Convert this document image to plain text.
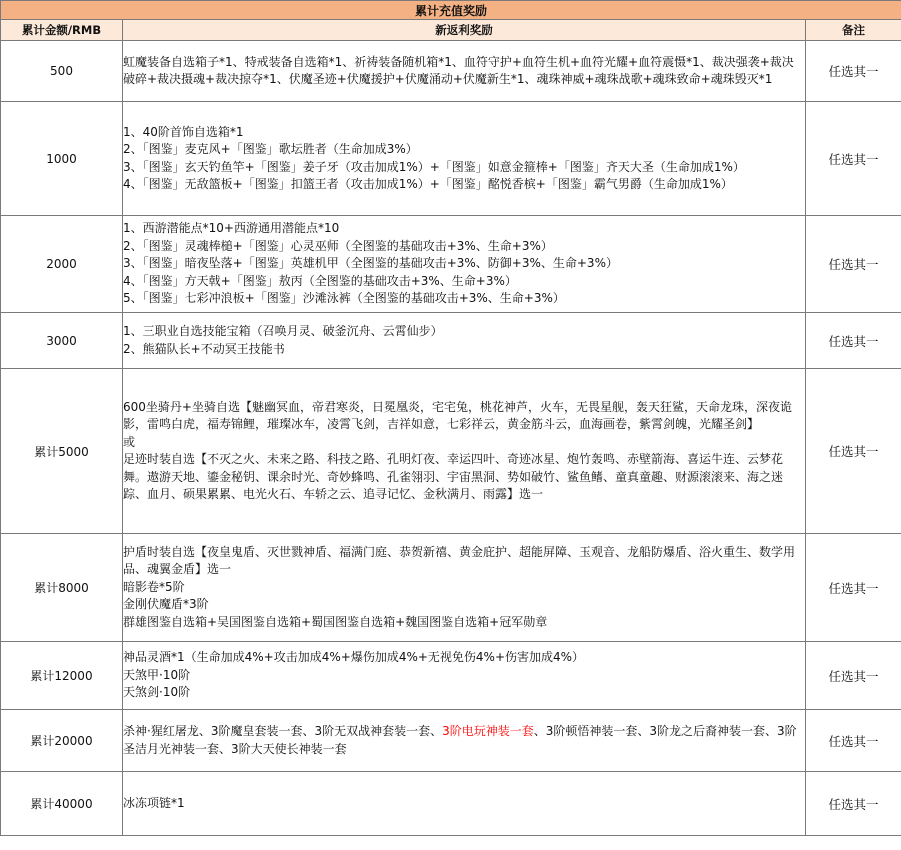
累计充值奖励		
累计金额/RMB	新返利奖励	备注
500	虹魔装备自选箱子*1、特戒装备自选箱*1、祈祷装备随机箱*1、血符守护+血符生机+血符光耀+血符震慑*1、裁决强袭+裁决破碎+裁决摄魂+裁决掠夺*1、伏魔圣迹+伏魔援护+伏魔涌动+伏魔新生*1、魂珠神威+魂珠战歌+魂珠致命+魂珠毁灭*1	任选其一
1000	1、40阶首饰自选箱*1
2、「图鉴」麦克风+「图鉴」歌坛胜者（生命加成3%）
3、「图鉴」玄天钓鱼竿+「图鉴」姜子牙（攻击加成1%）+「图鉴」如意金箍棒+「图鉴」齐天大圣（生命加成1%）
4、「图鉴」无敌篮板+「图鉴」扣篮王者（攻击加成1%）+「图鉴」酩悦香槟+「图鉴」霸气男爵（生命加成1%）	任选其一
2000	1、西游潜能点*10+西游通用潜能点*10
2、「图鉴」灵魂棒槌+「图鉴」心灵巫师（全图鉴的基础攻击+3%、生命+3%）
3、「图鉴」暗夜坠落+「图鉴」英雄机甲（全图鉴的基础攻击+3%、防御+3%、生命+3%）
4、「图鉴」方天戟+「图鉴」敖丙（全图鉴的基础攻击+3%、生命+3%）
5、「图鉴」七彩冲浪板+「图鉴」沙滩泳裤（全图鉴的基础攻击+3%、生命+3%）	任选其一
3000	1、三职业自选技能宝箱（召唤月灵、破釜沉舟、云霄仙步）
2、熊猫队长+不动冥王技能书	任选其一
累计5000	600坐骑丹+坐骑自选【魅幽冥血，帝君寒炎，日冕凰炎，宅宅兔，桃花神芦，火车，无畏星舰，轰天狂鲨，天命龙珠，深夜诡影，雷鸣白虎，福寿锦鲤，璀璨冰车，凌霄飞剑，吉祥如意，七彩祥云，黄金筋斗云，血海画卷，紫霄剑魄，光耀圣剑】
或
足迹时装自选【不灭之火、未来之路、科技之路、孔明灯夜、幸运四叶、奇迹冰星、炮竹轰鸣、赤壁箭海、喜运牛连、云梦花舞。遨游天地、鎏金秘钥、课余时光、奇妙蜂鸣、孔雀翎羽、宇宙黑洞、势如破竹、鲨鱼鳍、童真童趣、财源滚滚来、海之迷踪、血月、硕果累累、电光火石、车轿之云、追寻记忆、金秋满月、雨露】选一	任选其一
累计8000	护盾时装自选【夜皇鬼盾、灭世戮神盾、福满门庭、恭贺新禧、黄金庇护、超能屏障、玉观音、龙船防爆盾、浴火重生、数学用品、魂翼金盾】选一
暗影卷*5阶
金刚伏魔盾*3阶
群雄图鉴自选箱+吴国图鉴自选箱+蜀国图鉴自选箱+魏国图鉴自选箱+冠军勋章	任选其一
累计12000	神品灵酒*1（生命加成4%+攻击加成4%+爆伤加成4%+无视免伤4%+伤害加成4%）
天煞甲·10阶
天煞剑·10阶	任选其一
累计20000	杀神·猩红屠龙、3阶魔皇套装一套、3阶无双战神套装一套、3阶电玩神装一套、3阶顿悟神装一套、3阶龙之后裔神装一套、3阶圣洁月光神装一套、3阶大天使长神装一套	任选其一
累计40000	冰冻项链*1	任选其一
